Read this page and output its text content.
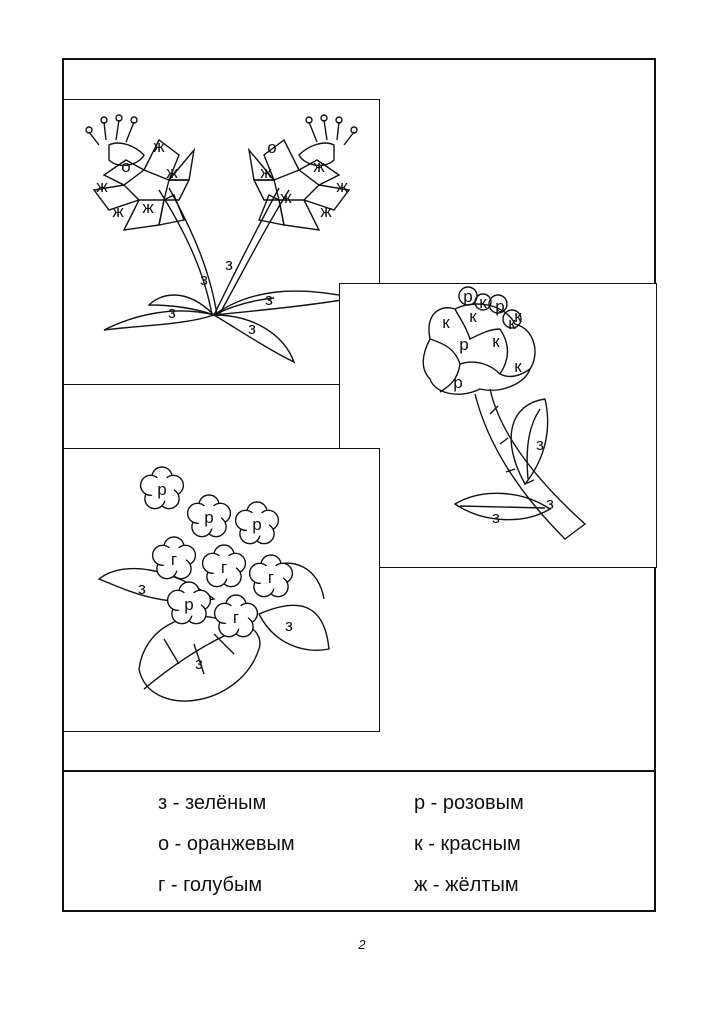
о
ж
ж
ж
ж ж
ж
о
ж
ж
ж
ж
з
з
з
з
з
р к р
к к к
р к
к
р
к
з
з
з
р
р
г
г
р
г
г
р
з
з
з
з - зелёным
о - оранжевым
г - голубым
р - розовым
к - красным
ж - жёлтым
2
